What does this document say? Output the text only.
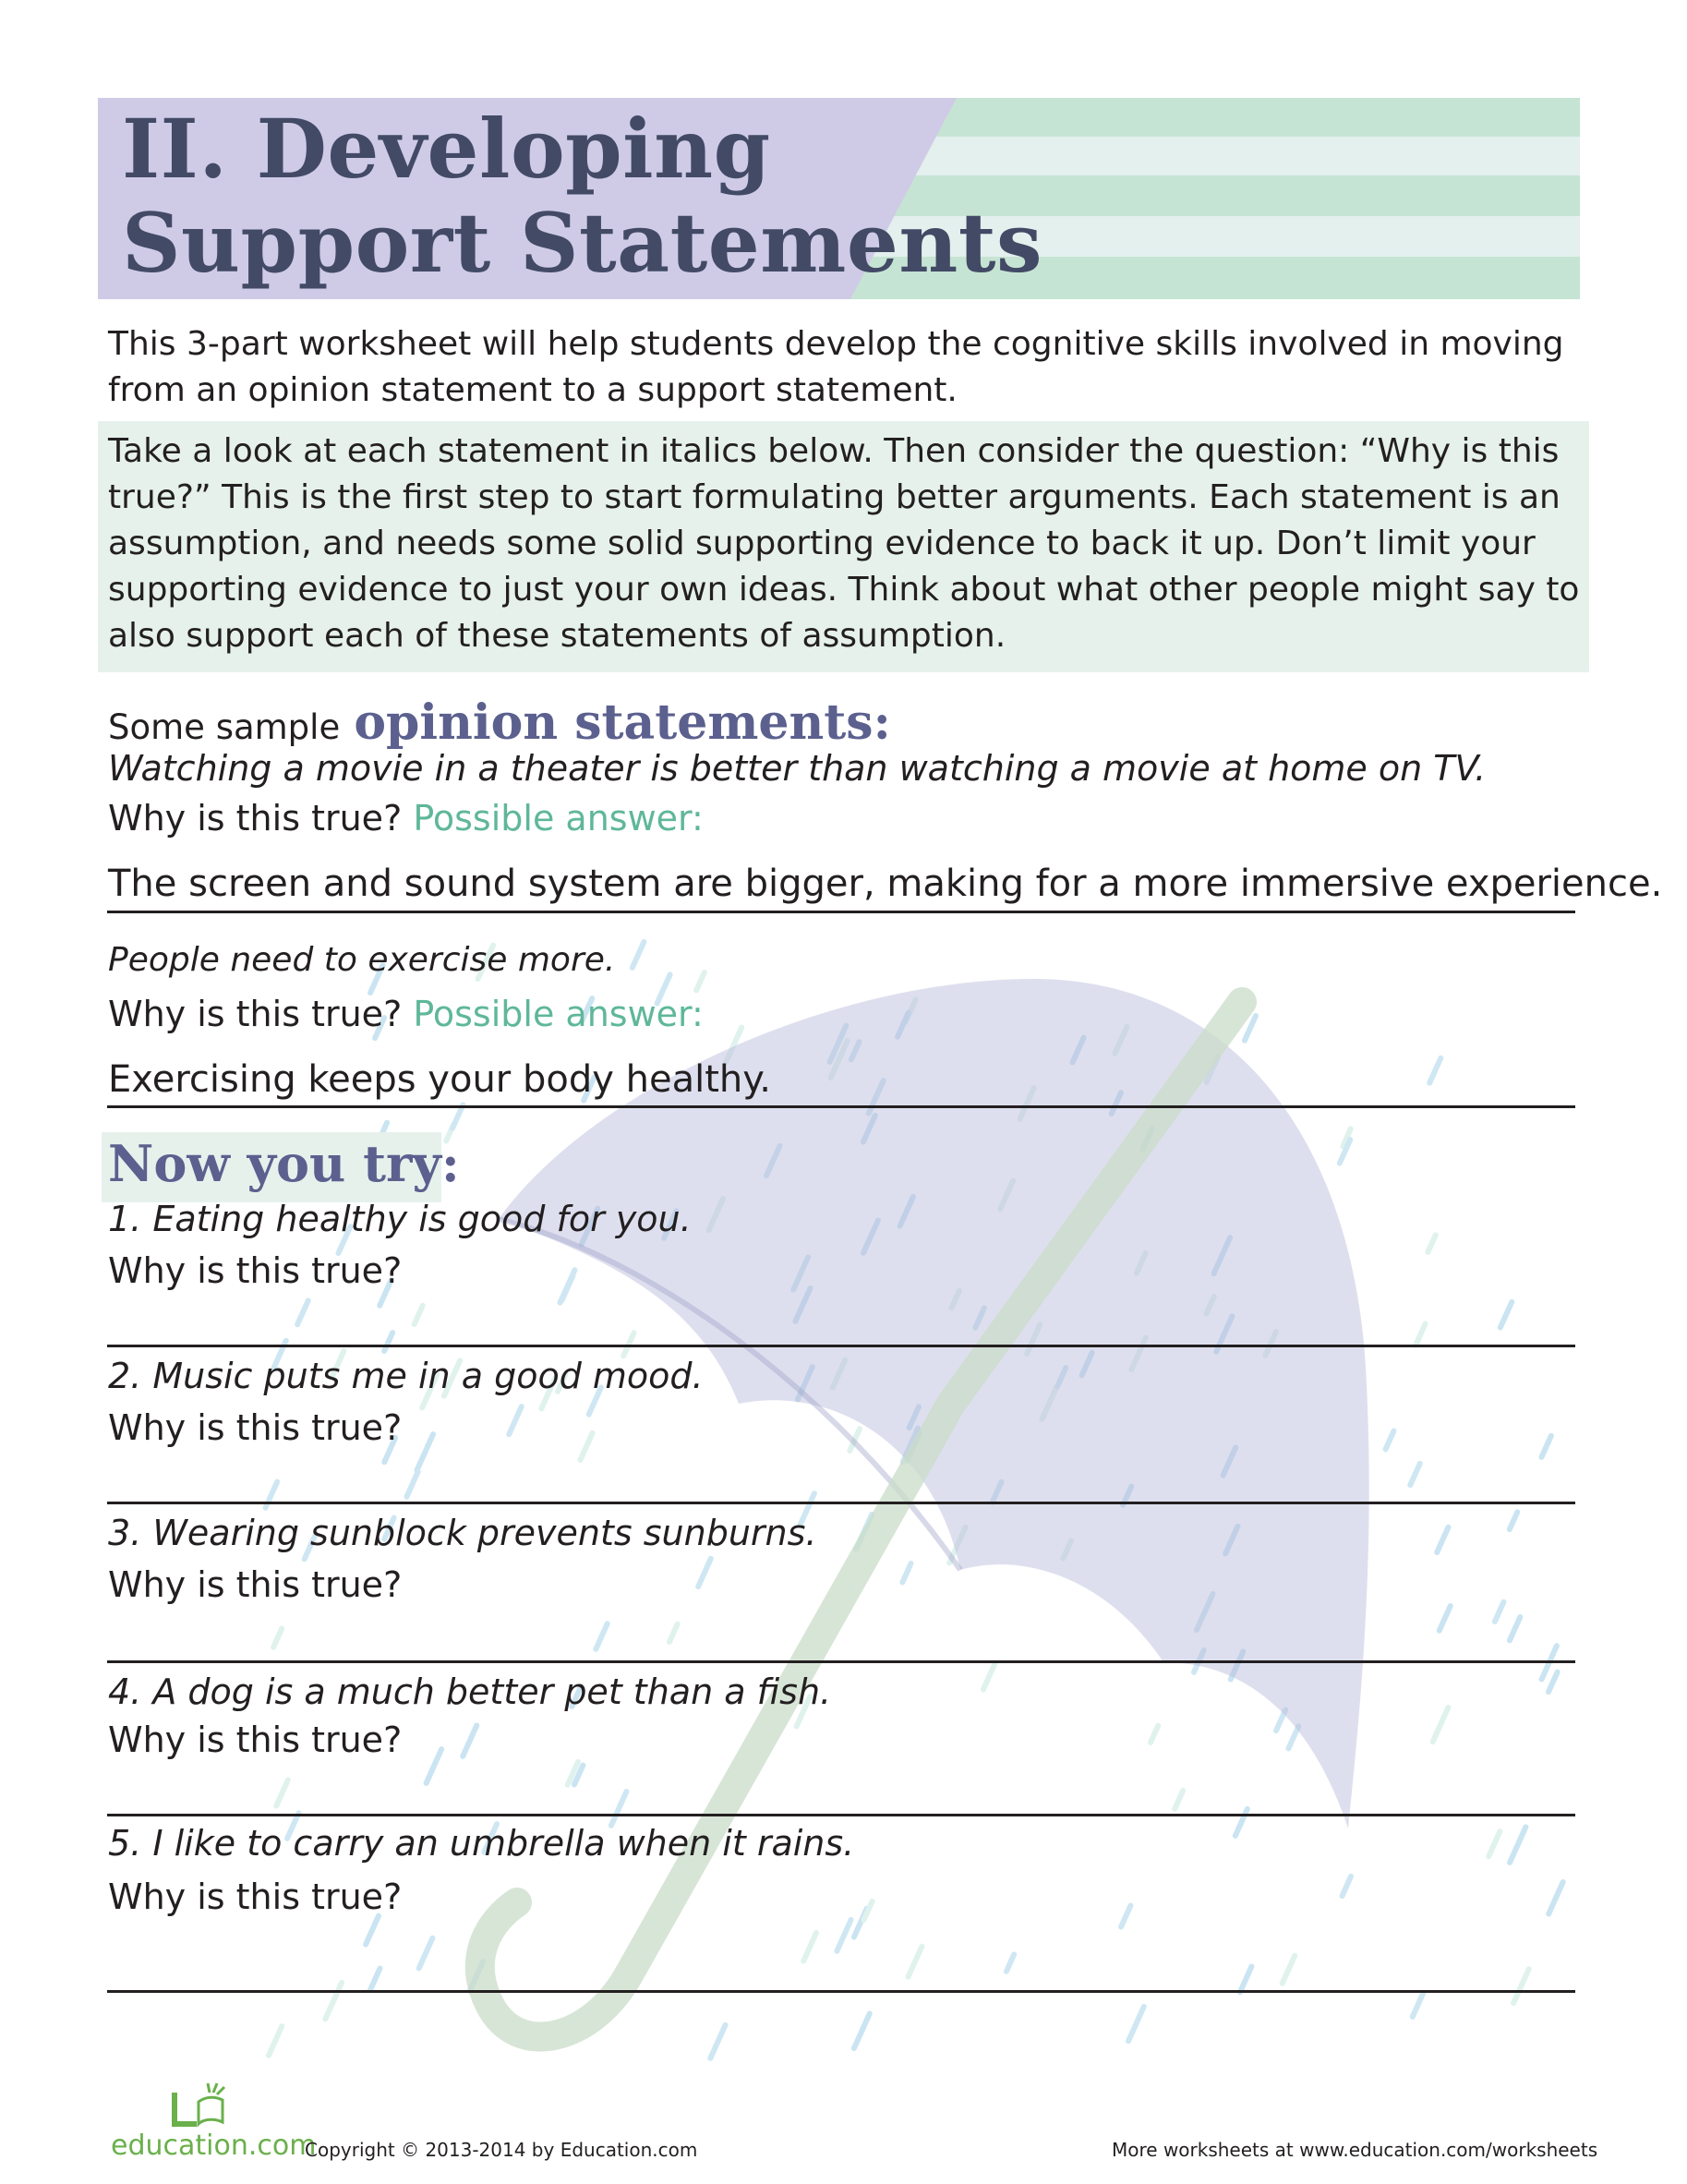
II. Developing
Support Statements

This 3-part worksheet will help students develop the cognitive skills involved in moving from an opinion statement to a support statement.

Take a look at each statement in italics below. Then consider the question: “Why is this true?” This is the first step to start formulating better arguments. Each statement is an assumption, and needs some solid supporting evidence to back it up. Don’t limit your supporting evidence to just your own ideas. Think about what other people might say to also support each of these statements of assumption.

Some sample opinion statements:
Watching a movie in a theater is better than watching a movie at home on TV.
Why is this true? Possible answer:
The screen and sound system are bigger, making for a more immersive experience.
People need to exercise more.
Why is this true? Possible answer:
Exercising keeps your body healthy.
Now you try:
1. Eating healthy is good for you.
Why is this true?
2. Music puts me in a good mood.
Why is this true?
3. Wearing sunblock prevents sunburns.
Why is this true?
4. A dog is a much better pet than a fish.
Why is this true?
5. I like to carry an umbrella when it rains.
Why is this true?
education.com
Copyright © 2013-2014 by Education.com	More worksheets at www.education.com/worksheets
